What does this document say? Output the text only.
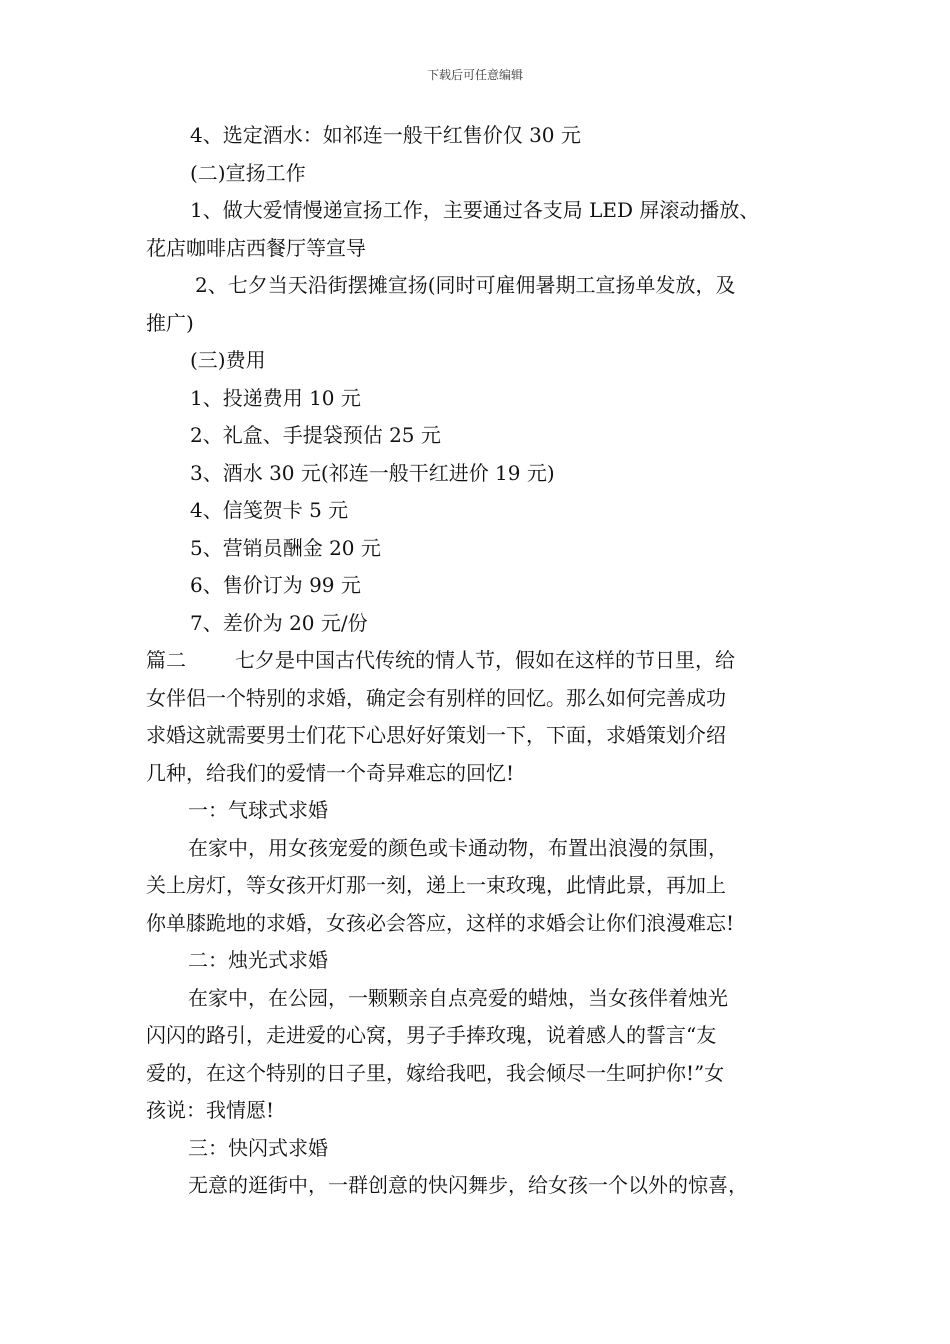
下载后可任意编辑

4、选定酒水：如祁连一般干红售价仅 30 元

(二)宣扬工作

1、做大爱情慢递宣扬工作，主要通过各支局 LED 屏滚动播放、

花店咖啡店西餐厅等宣导

2、七夕当天沿街摆摊宣扬(同时可雇佣暑期工宣扬单发放，及

推广)

(三)费用

1、投递费用 10 元

2、礼盒、手提袋预估 25 元

3、酒水 30 元(祁连一般干红进价 19 元)

4、信笺贺卡 5 元

5、营销员酬金 20 元

6、售价订为 99 元

7、差价为 20 元/份

篇二 七夕是中国古代传统的情人节，假如在这样的节日里，给

女伴侣一个特别的求婚，确定会有别样的回忆。那么如何完善成功

求婚这就需要男士们花下心思好好策划一下，下面，求婚策划介绍

几种，给我们的爱情一个奇异难忘的回忆!

一：气球式求婚

在家中，用女孩宠爱的颜色或卡通动物，布置出浪漫的氛围，

关上房灯，等女孩开灯那一刻，递上一束玫瑰，此情此景，再加上

你单膝跪地的求婚，女孩必会答应，这样的求婚会让你们浪漫难忘!

二：烛光式求婚

在家中，在公园，一颗颗亲自点亮爱的蜡烛，当女孩伴着烛光

闪闪的路引，走进爱的心窝，男子手捧玫瑰，说着感人的誓言“友

爱的，在这个特别的日子里，嫁给我吧，我会倾尽一生呵护你!”女

孩说：我情愿!

三：快闪式求婚

无意的逛街中，一群创意的快闪舞步，给女孩一个以外的惊喜，
